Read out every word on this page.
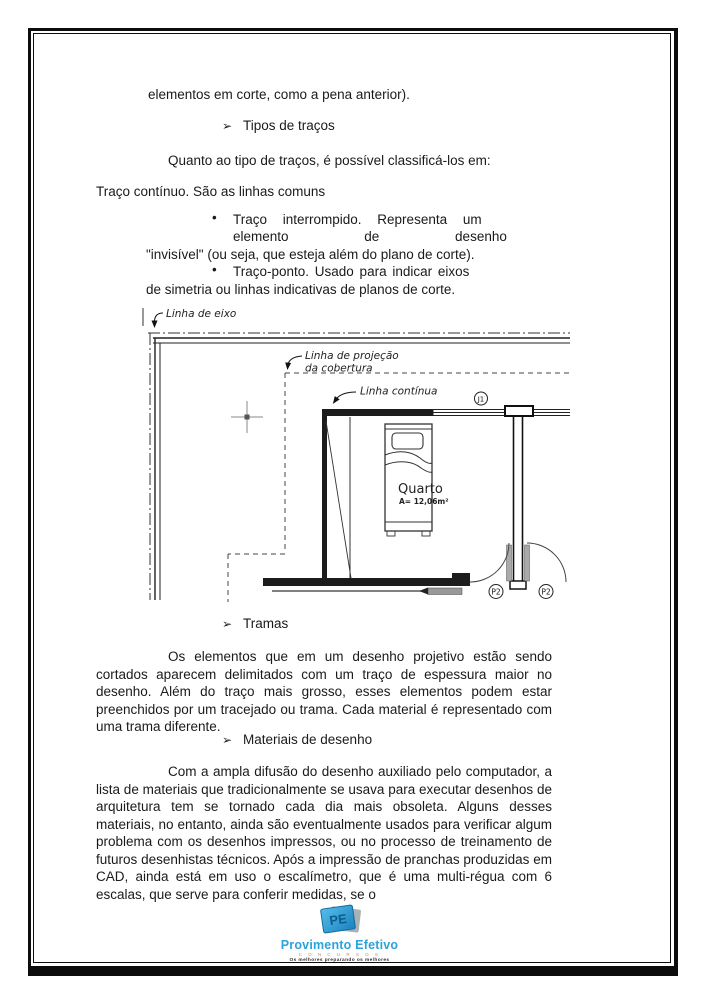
elementos em corte, como a pena anterior).
➢ Tipos de traços
Quanto ao tipo de traços, é possível classificá-los em:
Traço contínuo. São as linhas comuns
• Traço interrompido. Representa um
elemento de desenho
"invisível" (ou seja, que esteja além do plano de corte).
• Traço-ponto. Usado para indicar eixos
de simetria ou linhas indicativas de planos de corte.
J1
P2	P2
Quarto
A= 12,06m²
Linha de eixo
Linha de projeção
da cobertura
Linha contínua
➢ Tramas
Os elementos que em um desenho projetivo estão sendo cortados aparecem delimitados com um traço de espessura maior no desenho. Além do traço mais grosso, esses elementos podem estar preenchidos por um tracejado ou trama. Cada material é representado com uma trama diferente.
➢ Materiais de desenho
Com a ampla difusão do desenho auxiliado pelo computador, a lista de materiais que tradicionalmente se usava para executar desenhos de arquitetura tem se tornado cada dia mais obsoleta. Alguns desses materiais, no entanto, ainda são eventualmente usados para verificar algum problema com os desenhos impressos, ou no processo de treinamento de futuros desenhistas técnicos. Após a impressão de pranchas produzidas em CAD, ainda está em uso o escalímetro, que é uma multi-régua com 6 escalas, que serve para conferir medidas, se o
PE
Provimento Efetivo
C O N C U R S O S
Os melhores preparando os melhores
